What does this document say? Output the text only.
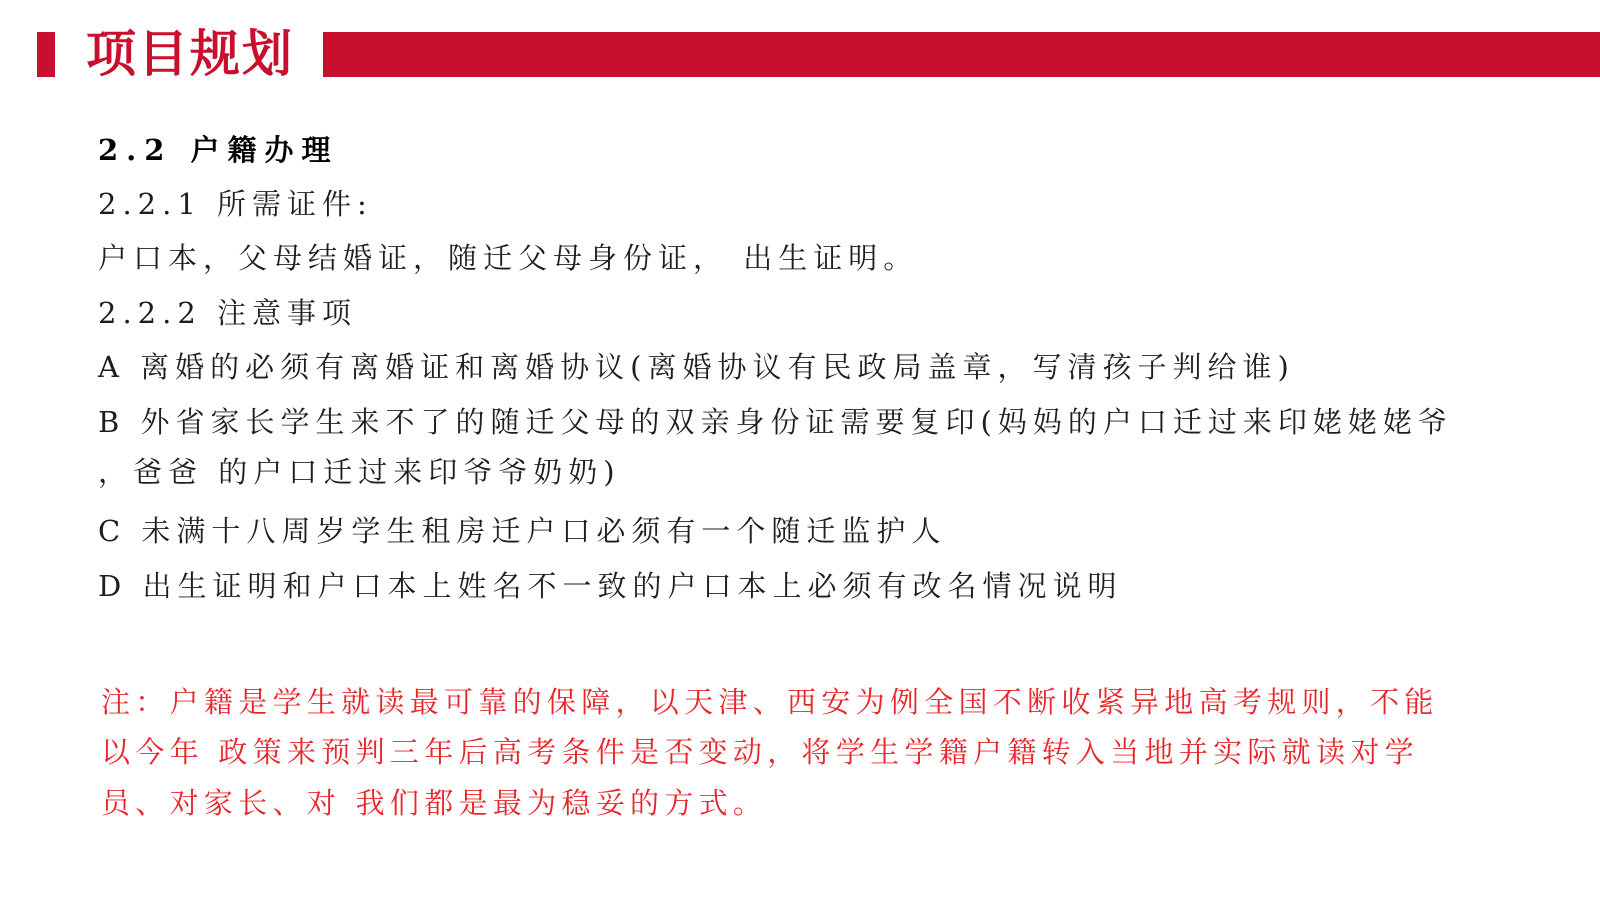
项目规划
2.2 户籍办理
2.2.1 所需证件:
户口本，父母结婚证，随迁父母身份证， 出生证明。
2.2.2 注意事项
A 离婚的必须有离婚证和离婚协议(离婚协议有民政局盖章，写清孩子判给谁)
B 外省家长学生来不了的随迁父母的双亲身份证需要复印(妈妈的户口迁过来印姥姥姥爷
，爸爸 的户口迁过来印爷爷奶奶)
C 未满十八周岁学生租房迁户口必须有一个随迁监护人
D 出生证明和户口本上姓名不一致的户口本上必须有改名情况说明
注：户籍是学生就读最可靠的保障，以天津、西安为例全国不断收紧异地高考规则，不能
以今年 政策来预判三年后高考条件是否变动，将学生学籍户籍转入当地并实际就读对学
员、对家长、对 我们都是最为稳妥的方式。
